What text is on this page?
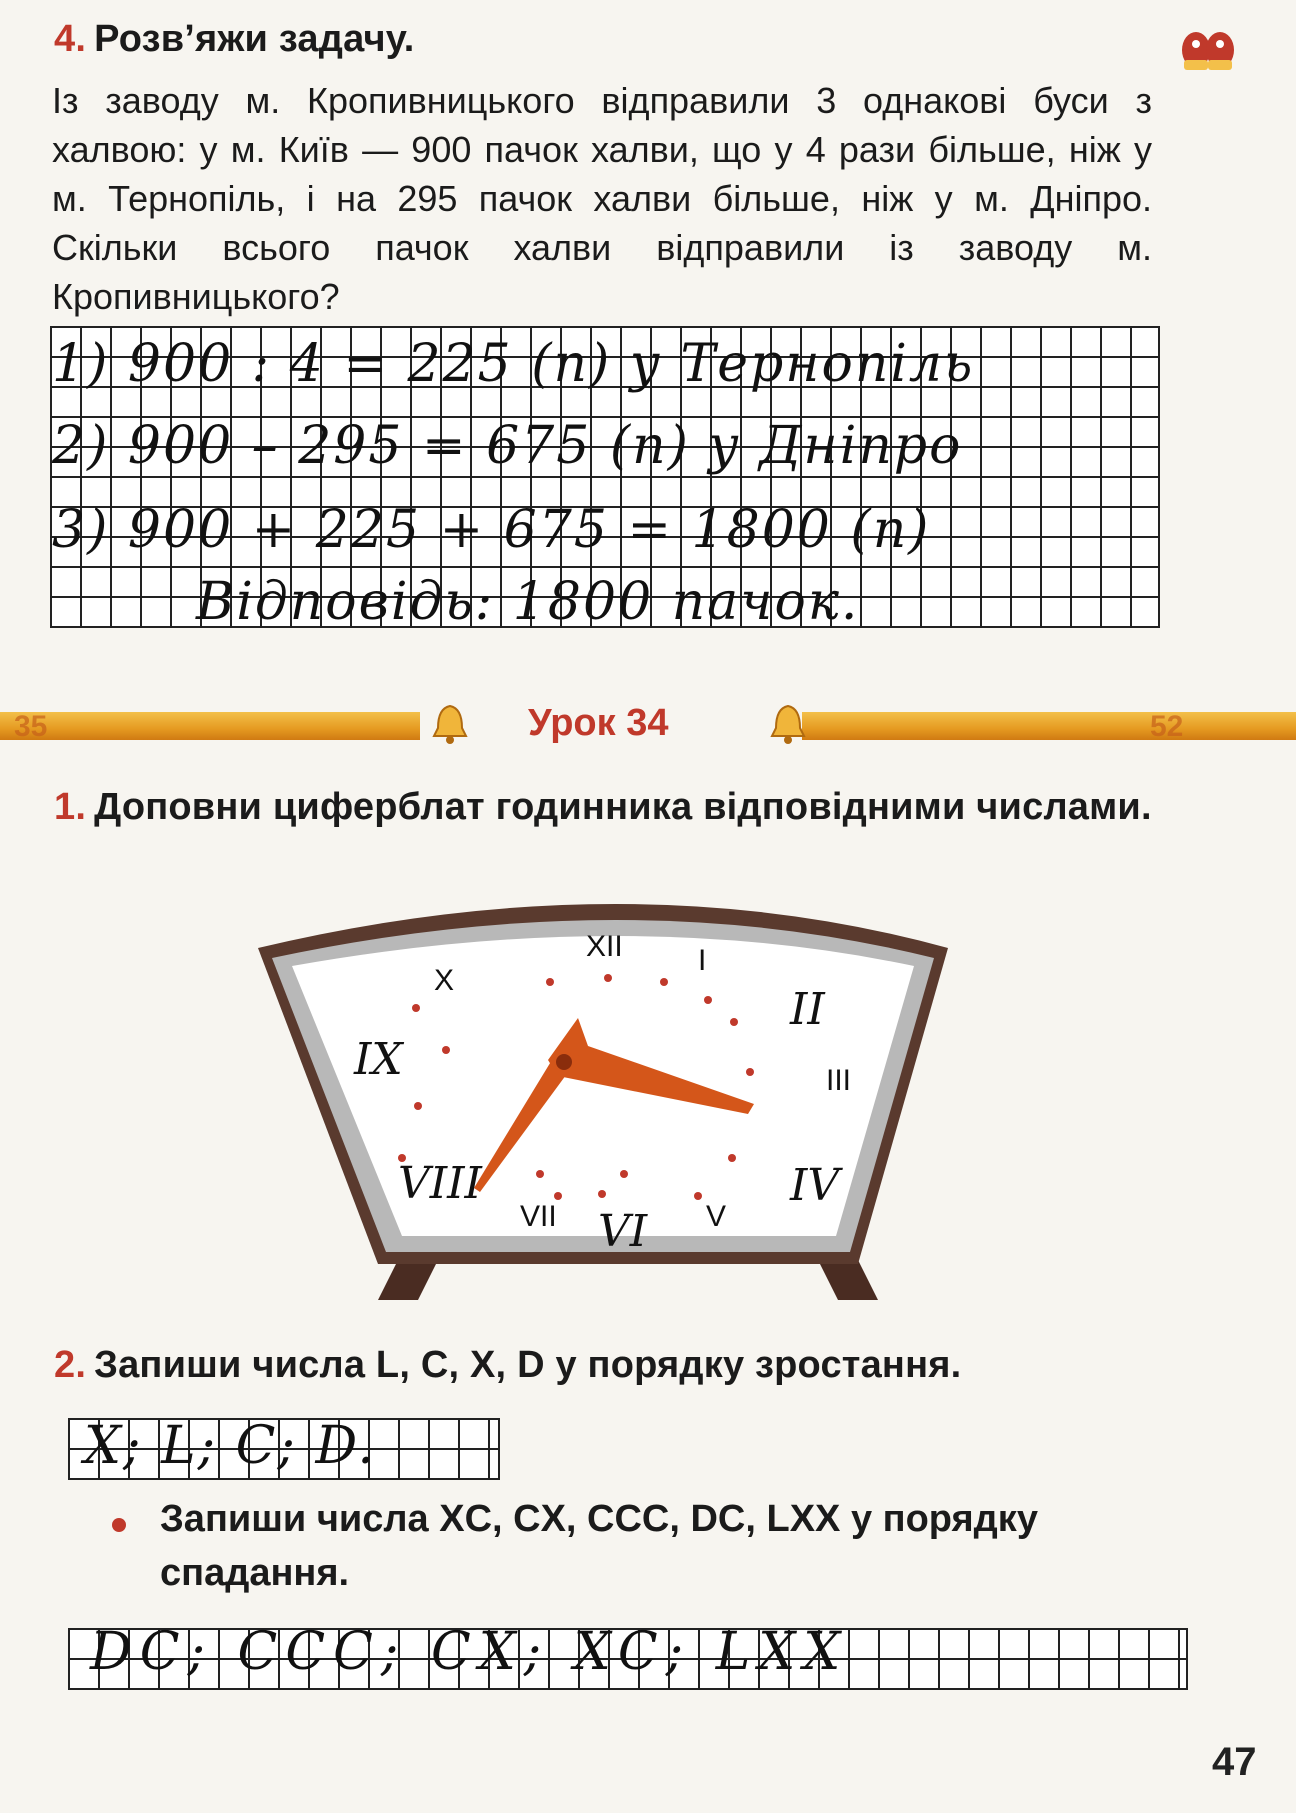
4. Розв’яжи задачу.
Із заводу м. Кропивницького відправили 3 однакові буси з халвою: у м. Київ — 900 пачок халви, що у 4 рази більше, ніж у м. Тернопіль, і на 295 пачок халви більше, ніж у м. Дніпро. Скільки всього пачок халви відправили із заводу м. Кропивницького?
1) 900 : 4 = 225 (п) у Тернопіль
2) 900 – 295 = 675 (п) у Дніпро
3) 900 + 225 + 675 = 1800 (п)
Відповідь: 1800 пачок.
35	52
Урок 34
1. Доповни циферблат годинника відповідними числами.
XII	I
III
V
VII
X
II
IV
VI
VIII
IX
2. Запиши числа L, C, X, D у порядку зростання.
X; L; C; D.
Запиши числа XC, CX, CCC, DC, LXX у порядку спадання.
DC; CCC; CX; XC; LXX
47
